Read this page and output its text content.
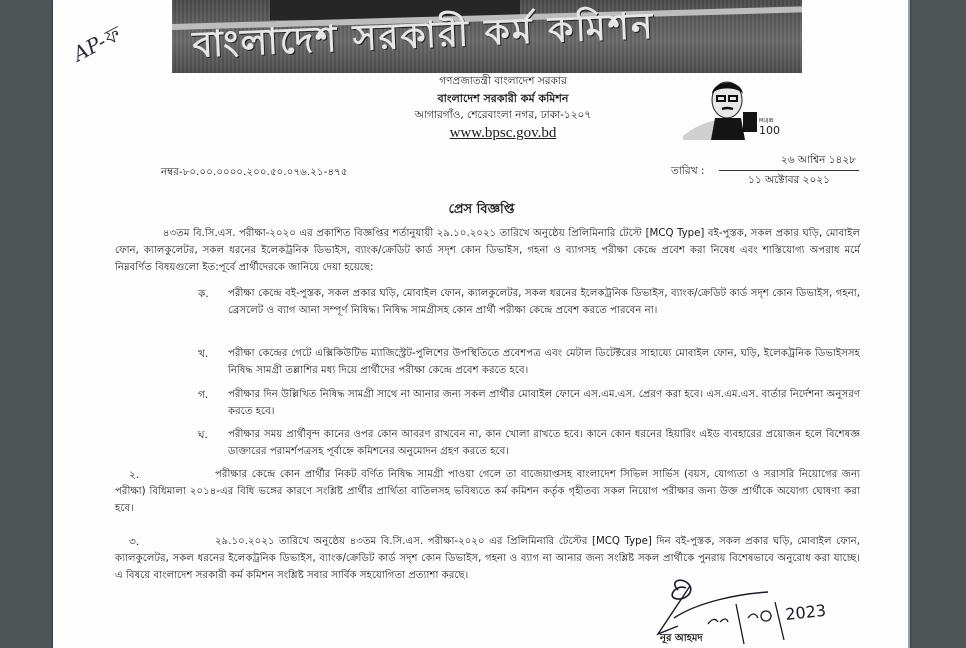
AP-ফ বাংলাদেশ সরকারী কর্ম কমিশন
গণপ্রজাতন্ত্রী বাংলাদেশ সরকার
বাংলাদেশ সরকারী কর্ম কমিশন
আগারগাঁও, শেরেবাংলা নগর, ঢাকা-১২০৭
www.bpsc.gov.bd
MUJIB
100
নম্বর-৮০.০০.০০০০.২০০.৫০.০৭৬.২১-৪৭৫	তারিখ :
২৬ আশ্বিন ১৪২৮
১১ অক্টোবর ২০২১
প্রেস বিজ্ঞপ্তি
৪৩তম বি.সি.এস. পরীক্ষা-২০২০ এর প্রকাশিত বিজ্ঞপ্তির শর্তানুযায়ী ২৯.১০.২০২১ তারিখে অনুষ্ঠেয় প্রিলিমিনারি টেস্টে [MCQ Type] বই-পুস্তক, সকল প্রকার ঘড়ি, মোবাইল ফোন, ক্যালকুলেটর, সকল ধরনের ইলেকট্রনিক ডিভাইস, ব্যাংক/ক্রেডিট কার্ড সদৃশ কোন ডিভাইস, গহনা ও ব্যাগসহ পরীক্ষা কেন্দ্রে প্রবেশ করা নিষেধ এবং শাস্তিযোগ্য অপরাধ মর্মে নিম্নবর্ণিত বিষয়গুলো ইত:পূর্বে প্রার্থীদেরকে জানিয়ে দেয়া হয়েছে:
ক. পরীক্ষা কেন্দ্রে বই-পুস্তক, সকল প্রকার ঘড়ি, মোবাইল ফোন, ক্যালকুলেটর, সকল ধরনের ইলেকট্রনিক ডিভাইস, ব্যাংক/ক্রেডিট কার্ড সদৃশ কোন ডিভাইস, গহনা, ব্রেসলেট ও ব্যাগ আনা সম্পূর্ণ নিষিদ্ধ। নিষিদ্ধ সামগ্রীসহ কোন প্রার্থী পরীক্ষা কেন্দ্রে প্রবেশ করতে পারবেন না।
খ. পরীক্ষা কেন্দ্রের গেটে এক্সিকিউটিভ ম্যাজিস্ট্রেট-পুলিশের উপস্থিতিতে প্রবেশপত্র এবং মেটাল ডিটেক্টরের সাহায্যে মোবাইল ফোন, ঘড়ি, ইলেকট্রনিক ডিভাইসসহ নিষিদ্ধ সামগ্রী তল্লাশির মধ্য দিয়ে প্রার্থীদের পরীক্ষা কেন্দ্রে প্রবেশ করতে হবে।
গ. পরীক্ষার দিন উল্লিখিত নিষিদ্ধ সামগ্রী সাথে না আনার জন্য সকল প্রার্থীর মোবাইল ফোনে এস.এম.এস. প্রেরণ করা হবে। এস.এম.এস. বার্তার নির্দেশনা অনুসরণ করতে হবে।
ঘ. পরীক্ষার সময় প্রার্থীবৃন্দ কানের ওপর কোন আবরণ রাখবেন না, কান খোলা রাখতে হবে। কানে কোন ধরনের হিয়ারিং এইড ব্যবহারের প্রয়োজন হলে বিশেষজ্ঞ ডাক্তারের পরামর্শপত্রসহ পূর্বাহ্নে কমিশনের অনুমোদন গ্রহণ করতে হবে।
২.	পরীক্ষার কেন্দ্রে কোন প্রার্থীর নিকট বর্ণিত নিষিদ্ধ সামগ্রী পাওয়া গেলে তা বাজেয়াপ্তসহ বাংলাদেশ সিভিল সার্ভিস (বয়স, যোগ্যতা ও সরাসরি নিয়োগের জন্য পরীক্ষা) বিধিমালা ২০১৪-এর বিধি ভঙ্গের কারণে সংশ্লিষ্ট প্রার্থীর প্রার্থিতা বাতিলসহ ভবিষ্যতে কর্ম কমিশন কর্তৃক গৃহীতব্য সকল নিয়োগ পরীক্ষার জন্য উক্ত প্রার্থীকে অযোগ্য ঘোষণা করা হবে।
৩.	২৯.১০.২০২১ তারিখে অনুষ্ঠেয় ৪৩তম বি.সি.এস. পরীক্ষা-২০২০ এর প্রিলিমিনারি টেস্টের [MCQ Type] দিন বই-পুস্তক, সকল প্রকার ঘড়ি, মোবাইল ফোন, ক্যালকুলেটর, সকল ধরনের ইলেকট্রনিক ডিভাইস, ব্যাংক/ক্রেডিট কার্ড সদৃশ কোন ডিভাইস, গহনা ও ব্যাগ না আনার জন্য সংশ্লিষ্ট সকল প্রার্থীকে পুনরায় বিশেষভাবে অনুরোধ করা যাচ্ছে। এ বিষয়ে বাংলাদেশ সরকারী কর্ম কমিশন সংশ্লিষ্ট সবার সার্বিক সহযোগিতা প্রত্যাশা করছে।
2023
নূর আহমদ
